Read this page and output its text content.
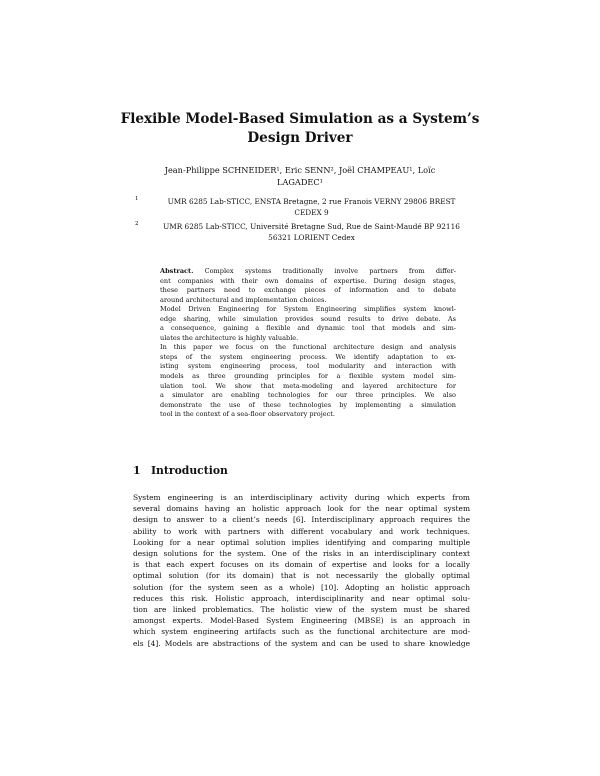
Flexible Model-Based Simulation as a System’s
Design Driver
Jean-Philippe SCHNEIDER¹, Eric SENN², Joël CHAMPEAU¹, Loïc
LAGADEC¹
1	UMR 6285 Lab-STICC, ENSTA Bretagne, 2 rue Franois VERNY 29806 BREST
CEDEX 9
2	UMR 6285 Lab-STICC, Université Bretagne Sud, Rue de Saint-Maudé BP 92116
56321 LORIENT Cedex
Abstract. Complex systems traditionally involve partners from differ-
ent companies with their own domains of expertise. During design stages,
these partners need to exchange pieces of information and to debate
around architectural and implementation choices.
Model Driven Engineering for System Engineering simplifies system knowl-
edge sharing, while simulation provides sound results to drive debate. As
a consequence, gaining a flexible and dynamic tool that models and sim-
ulates the architecture is highly valuable.
In this paper we focus on the functional architecture design and analysis
steps of the system engineering process. We identify adaptation to ex-
isting system engineering process, tool modularity and interaction with
models as three grounding principles for a flexible system model sim-
ulation tool. We show that meta-modeling and layered architecture for
a simulator are enabling technologies for our three principles. We also
demonstrate the use of these technologies by implementing a simulation
tool in the context of a sea-floor observatory project.
1 Introduction
System engineering is an interdisciplinary activity during which experts from
several domains having an holistic approach look for the near optimal system
design to answer to a client’s needs [6]. Interdisciplinary approach requires the
ability to work with partners with different vocabulary and work techniques.
Looking for a near optimal solution implies identifying and comparing multiple
design solutions for the system. One of the risks in an interdisciplinary context
is that each expert focuses on its domain of expertise and looks for a locally
optimal solution (for its domain) that is not necessarily the globally optimal
solution (for the system seen as a whole) [10]. Adopting an holistic approach
reduces this risk. Holistic approach, interdisciplinarity and near optimal solu-
tion are linked problematics. The holistic view of the system must be shared
amongst experts. Model-Based System Engineering (MBSE) is an approach in
which system engineering artifacts such as the functional architecture are mod-
els [4]. Models are abstractions of the system and can be used to share knowledge
